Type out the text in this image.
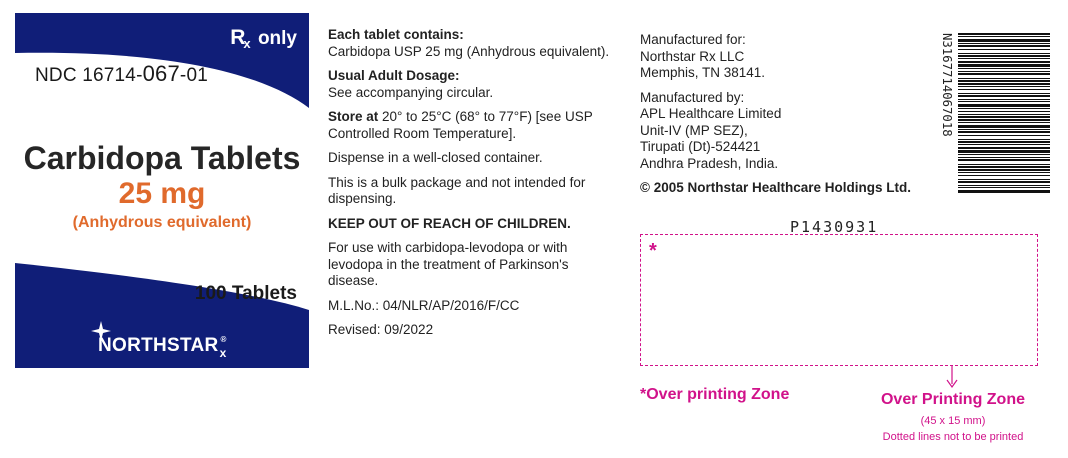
$R_x$ only
NDC 16714-067-01
Carbidopa Tablets
25 mg
(Anhydrous equivalent)
100 Tablets
$NORTHSTAR_x®$
Each tablet contains:
Carbidopa USP 25 mg (Anhydrous equivalent).
Usual Adult Dosage:
See accompanying circular.
Store at 20° to 25°C (68° to 77°F) [see USP
Controlled Room Temperature].
Dispense in a well-closed container.
This is a bulk package and not intended for
dispensing.
KEEP OUT OF REACH OF CHILDREN.
For use with carbidopa-levodopa or with
levodopa in the treatment of Parkinson's
disease.
M.L.No.: 04/NLR/AP/2016/F/CC
Revised: 09/2022
Manufactured for:
Northstar Rx LLC
Memphis, TN 38141.
Manufactured by:
APL Healthcare Limited
Unit-IV (MP SEZ),
Tirupati (Dt)-524421
Andhra Pradesh, India.
© 2005 Northstar Healthcare Holdings Ltd.
N3167714067018
P1430931
*
*Over printing Zone	Over Printing Zone
(45 x 15 mm)
Dotted lines not to be printed
